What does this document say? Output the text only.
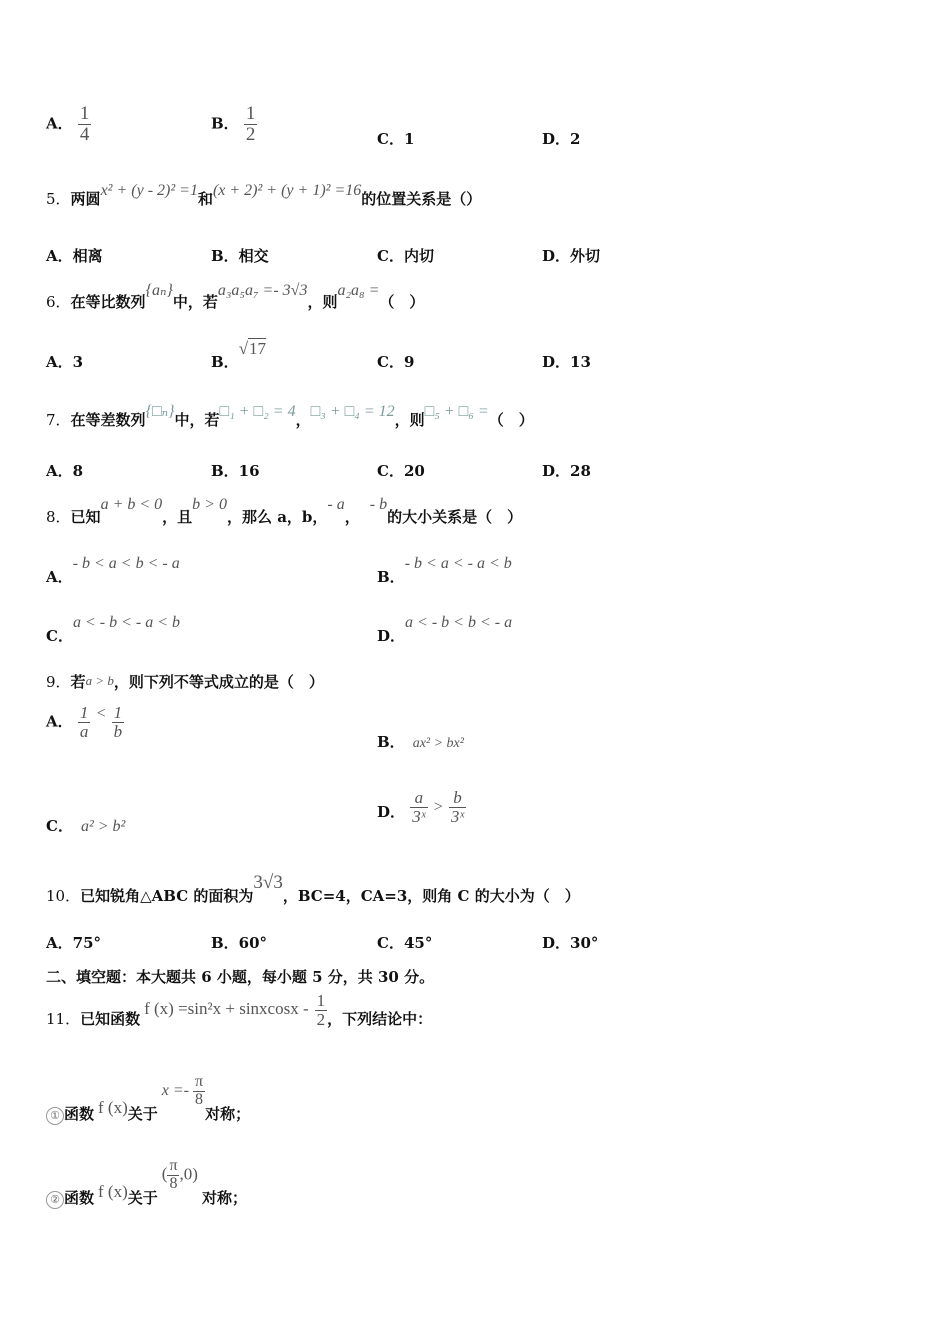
A． $\frac{1}{4}$	B． $\frac{1}{2}$	C．1	D．2
5．两圆x² + (y - 2)² =1和(x + 2)² + (y + 1)² =16的位置关系是（）
A．相离	B．相交	C．内切	D．外切
6．在等比数列{aₙ}中，若a₃a₅a₇ =- 3√3，则a₂a₈ =（　）
A．3	B．√17
C．9	D．13
7．在等差数列{□ₙ}中，若□₁ + □₂ = 4，□₃ + □₄ = 12，则□₅ + □₆ =（　）
A．8	B．16	C．20	D．28
8．已知a + b < 0，且b > 0，那么 a，b，- a，- b的大小关系是（　）
A．- b < a < b < - a
B．- b < a < - a < b
C．a < - b < - a < b
D．a < - b < b < - a
9．若a > b，则下列不等式成立的是（　）
A． $\frac{1}{a} < \frac{1}{b}$
B． ax² > bx²
C． a² > b²
D． $\frac{a}{\text{3ˣ}} > \frac{b}{\text{3ˣ}}$
10．已知锐角△ABC 的面积为3√3，BC=4，CA=3，则角 C 的大小为（　）
A．75°	B．60°	C．45°	D．30°
二、填空题：本大题共 6 小题，每小题 5 分，共 30 分。
11．已知函数f (x) =sin²x + sinxcosx - $\frac{1}{2}$ ，下列结论中：
① 函数 f (x)关于$x =- \frac{\pi}{8}$
对称；
② 函数 f (x)关于( $\frac{\pi}{8} ,0$)对称；
